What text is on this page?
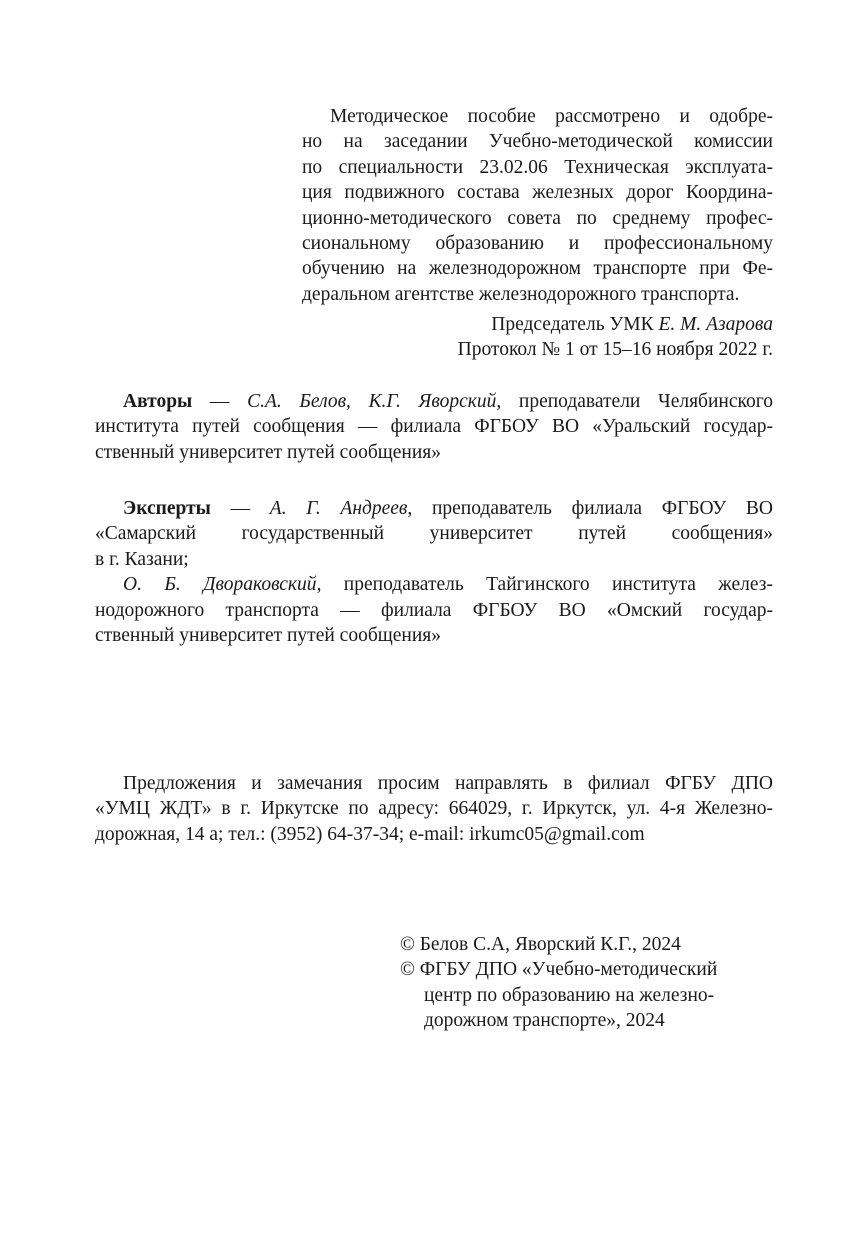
Методическое пособие рассмотрено и одобре-
но на заседании Учебно-методической комиссии
по специальности 23.02.06 Техническая эксплуата-
ция подвижного состава железных дорог Координа-
ционно-методического совета по среднему профес-
сиональному образованию и профессиональному
обучению на железнодорожном транспорте при Фе-
деральном агентстве железнодорожного транспорта.
Председатель УМК Е. М. Азарова
Протокол № 1 от 15–16 ноября 2022 г.
Авторы — С.А. Белов, К.Г. Яворский, преподаватели Челябинского
института путей сообщения — филиала ФГБОУ ВО «Уральский государ-
ственный университет путей сообщения»
Эксперты — А. Г. Андреев, преподаватель филиала ФГБОУ ВО
«Самарский государственный университет путей сообщения»
в г. Казани;
О. Б. Двораковский, преподаватель Тайгинского института желез-
нодорожного транспорта — филиала ФГБОУ ВО «Омский государ-
ственный университет путей сообщения»
Предложения и замечания просим направлять в филиал ФГБУ ДПО
«УМЦ ЖДТ» в г. Иркутске по адресу: 664029, г. Иркутск, ул. 4-я Железно-
дорожная, 14 а; тел.: (3952) 64-37-34; e-mail: irkumc05@gmail.com
© Белов С.А, Яворский К.Г., 2024
© ФГБУ ДПО «Учебно-методический
центр по образованию на железно-
дорожном транспорте», 2024
